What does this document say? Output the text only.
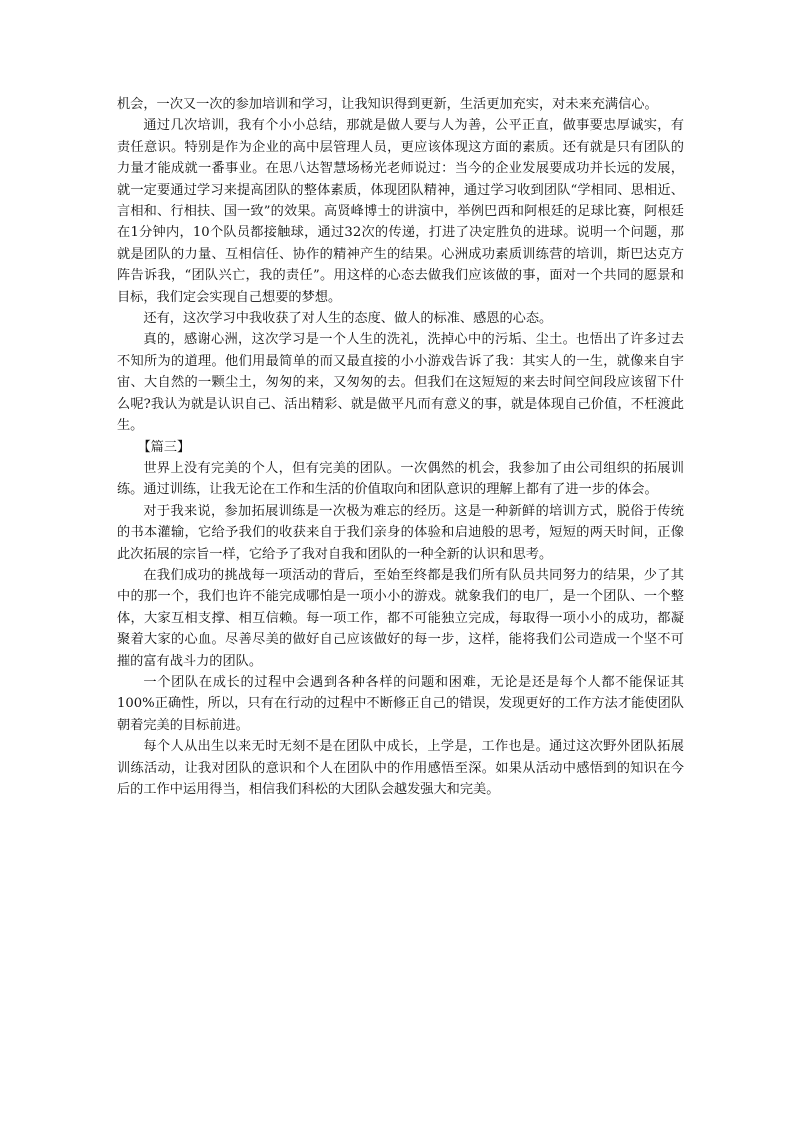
机会，一次又一次的参加培训和学习，让我知识得到更新，生活更加充实，对未来充满信心。

通过几次培训，我有个小小总结，那就是做人要与人为善，公平正直，做事要忠厚诚实，有责任意识。特别是作为企业的高中层管理人员，更应该体现这方面的素质。还有就是只有团队的力量才能成就一番事业。在思八达智慧场杨光老师说过：当今的企业发展要成功并长远的发展，就一定要通过学习来提高团队的整体素质，体现团队精神，通过学习收到团队“学相同、思相近、言相和、行相扶、国一致”的效果。高贤峰博士的讲演中，举例巴西和阿根廷的足球比赛，阿根廷在1分钟内，10个队员都接触球，通过32次的传递，打进了决定胜负的进球。说明一个问题，那就是团队的力量、互相信任、协作的精神产生的结果。心洲成功素质训练营的培训，斯巴达克方阵告诉我，“团队兴亡，我的责任”。用这样的心态去做我们应该做的事，面对一个共同的愿景和目标，我们定会实现自己想要的梦想。

还有，这次学习中我收获了对人生的态度、做人的标准、感恩的心态。

真的，感谢心洲，这次学习是一个人生的洗礼，洗掉心中的污垢、尘土。也悟出了许多过去不知所为的道理。他们用最简单的而又最直接的小小游戏告诉了我：其实人的一生，就像来自宇宙、大自然的一颗尘土，匆匆的来，又匆匆的去。但我们在这短短的来去时间空间段应该留下什么呢?我认为就是认识自己、活出精彩、就是做平凡而有意义的事，就是体现自己价值，不枉渡此生。

【篇三】

世界上没有完美的个人，但有完美的团队。一次偶然的机会，我参加了由公司组织的拓展训练。通过训练，让我无论在工作和生活的价值取向和团队意识的理解上都有了进一步的体会。

对于我来说，参加拓展训练是一次极为难忘的经历。这是一种新鲜的培训方式，脱俗于传统的书本灌输，它给予我们的收获来自于我们亲身的体验和启迪般的思考，短短的两天时间，正像此次拓展的宗旨一样，它给予了我对自我和团队的一种全新的认识和思考。

在我们成功的挑战每一项活动的背后，至始至终都是我们所有队员共同努力的结果，少了其中的那一个，我们也许不能完成哪怕是一项小小的游戏。就象我们的电厂，是一个团队、一个整体，大家互相支撑、相互信赖。每一项工作，都不可能独立完成，每取得一项小小的成功，都凝聚着大家的心血。尽善尽美的做好自己应该做好的每一步，这样，能将我们公司造成一个坚不可摧的富有战斗力的团队。

一个团队在成长的过程中会遇到各种各样的问题和困难，无论是还是每个人都不能保证其100%正确性，所以，只有在行动的过程中不断修正自己的错误，发现更好的工作方法才能使团队朝着完美的目标前进。

每个人从出生以来无时无刻不是在团队中成长，上学是，工作也是。通过这次野外团队拓展训练活动，让我对团队的意识和个人在团队中的作用感悟至深。如果从活动中感悟到的知识在今后的工作中运用得当，相信我们科松的大团队会越发强大和完美。
